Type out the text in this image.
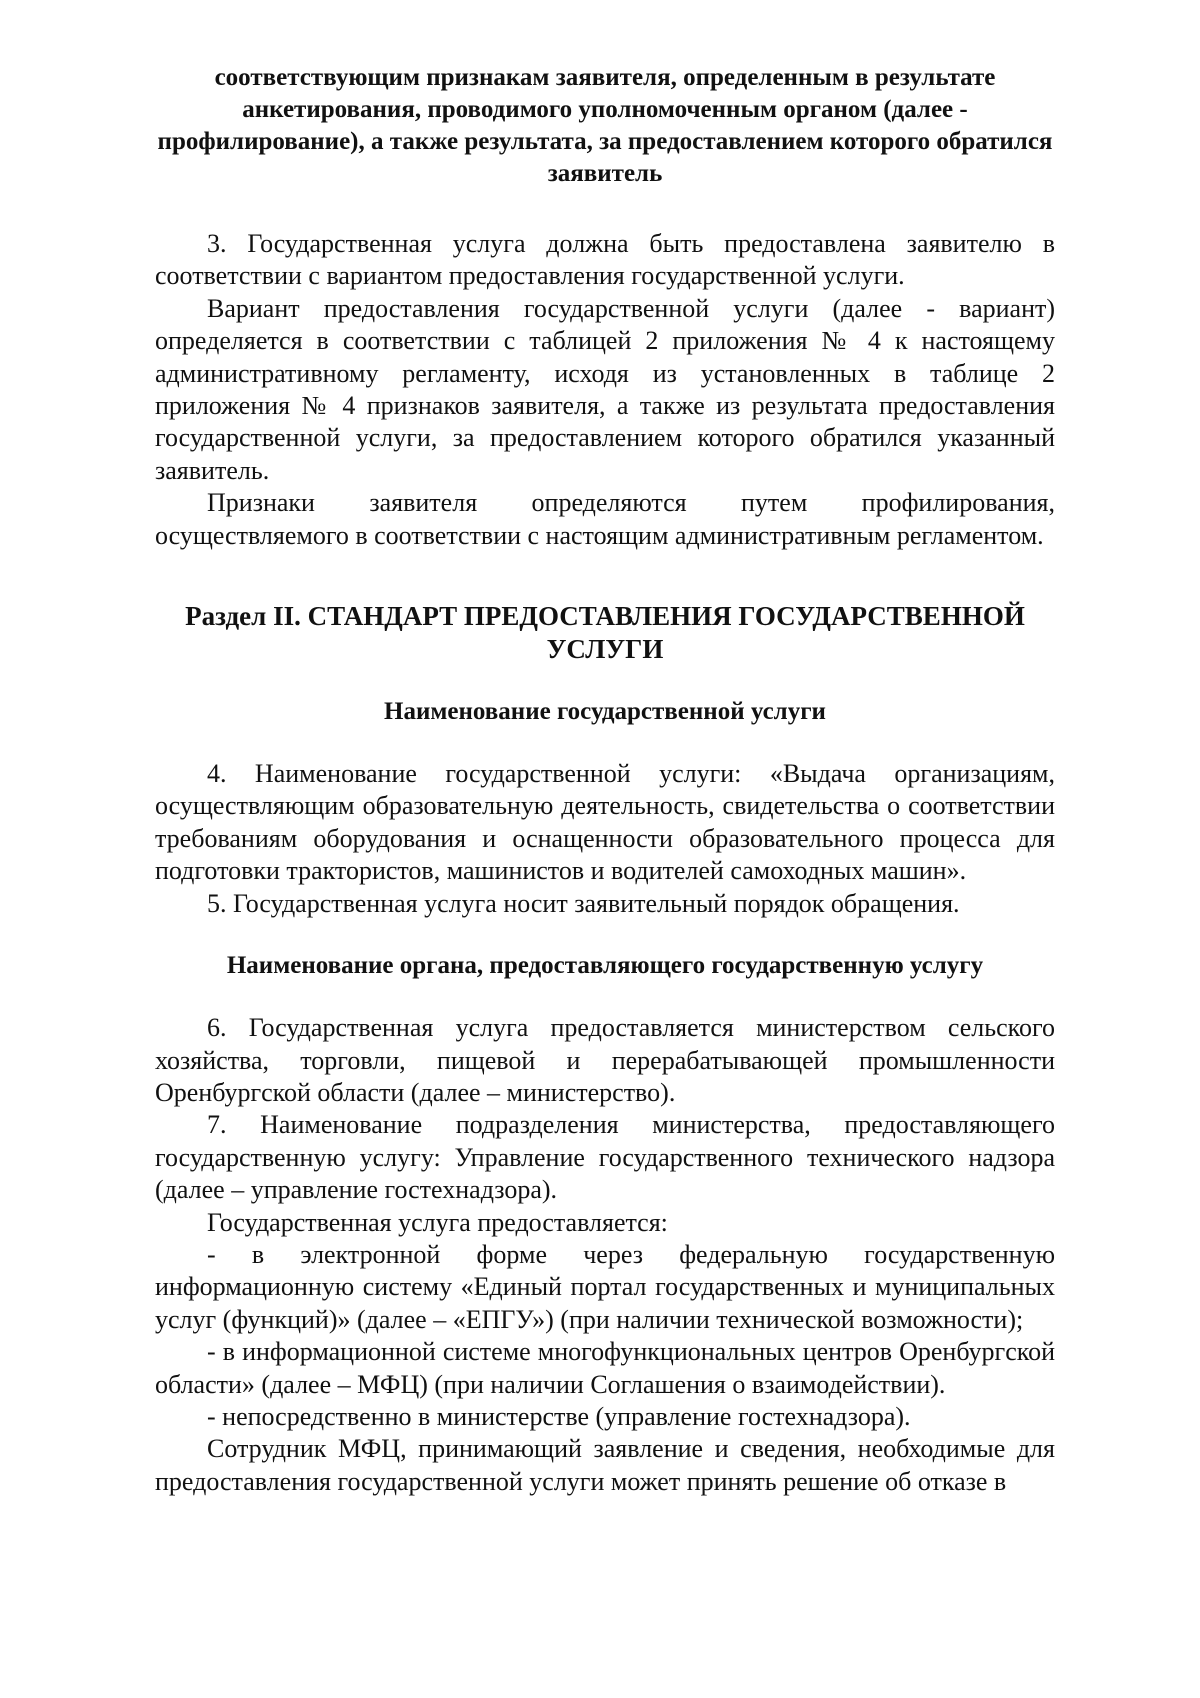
соответствующим признакам заявителя, определенным в результате анкетирования, проводимого уполномоченным органом (далее - профилирование), а также результата, за предоставлением которого обратился заявитель

3. Государственная услуга должна быть предоставлена заявителю в соответствии с вариантом предоставления государственной услуги.

Вариант предоставления государственной услуги (далее - вариант) определяется в соответствии с таблицей 2 приложения № 4 к настоящему административному регламенту, исходя из установленных в таблице 2 приложения № 4 признаков заявителя, а также из результата предоставления государственной услуги, за предоставлением которого обратился указанный заявитель.

Признаки заявителя определяются путем профилирования, осуществляемого в соответствии с настоящим административным регламентом.

Раздел II. СТАНДАРТ ПРЕДОСТАВЛЕНИЯ ГОСУДАРСТВЕННОЙ УСЛУГИ
Наименование государственной услуги

4. Наименование государственной услуги: «Выдача организациям, осуществляющим образовательную деятельность, свидетельства о соответствии требованиям оборудования и оснащенности образовательного процесса для подготовки трактористов, машинистов и водителей самоходных машин».

5. Государственная услуга носит заявительный порядок обращения.

Наименование органа, предоставляющего государственную услугу

6. Государственная услуга предоставляется министерством сельского хозяйства, торговли, пищевой и перерабатывающей промышленности Оренбургской области (далее – министерство).

7. Наименование подразделения министерства, предоставляющего государственную услугу: Управление государственного технического надзора (далее – управление гостехнадзора).

Государственная услуга предоставляется:

- в электронной форме через федеральную государственную информационную систему «Единый портал государственных и муниципальных услуг (функций)» (далее – «ЕПГУ») (при наличии технической возможности);

- в информационной системе многофункциональных центров Оренбургской области» (далее – МФЦ) (при наличии Соглашения о взаимодействии).

- непосредственно в министерстве (управление гостехнадзора).

Сотрудник МФЦ, принимающий заявление и сведения, необходимые для предоставления государственной услуги может принять решение об отказе в
